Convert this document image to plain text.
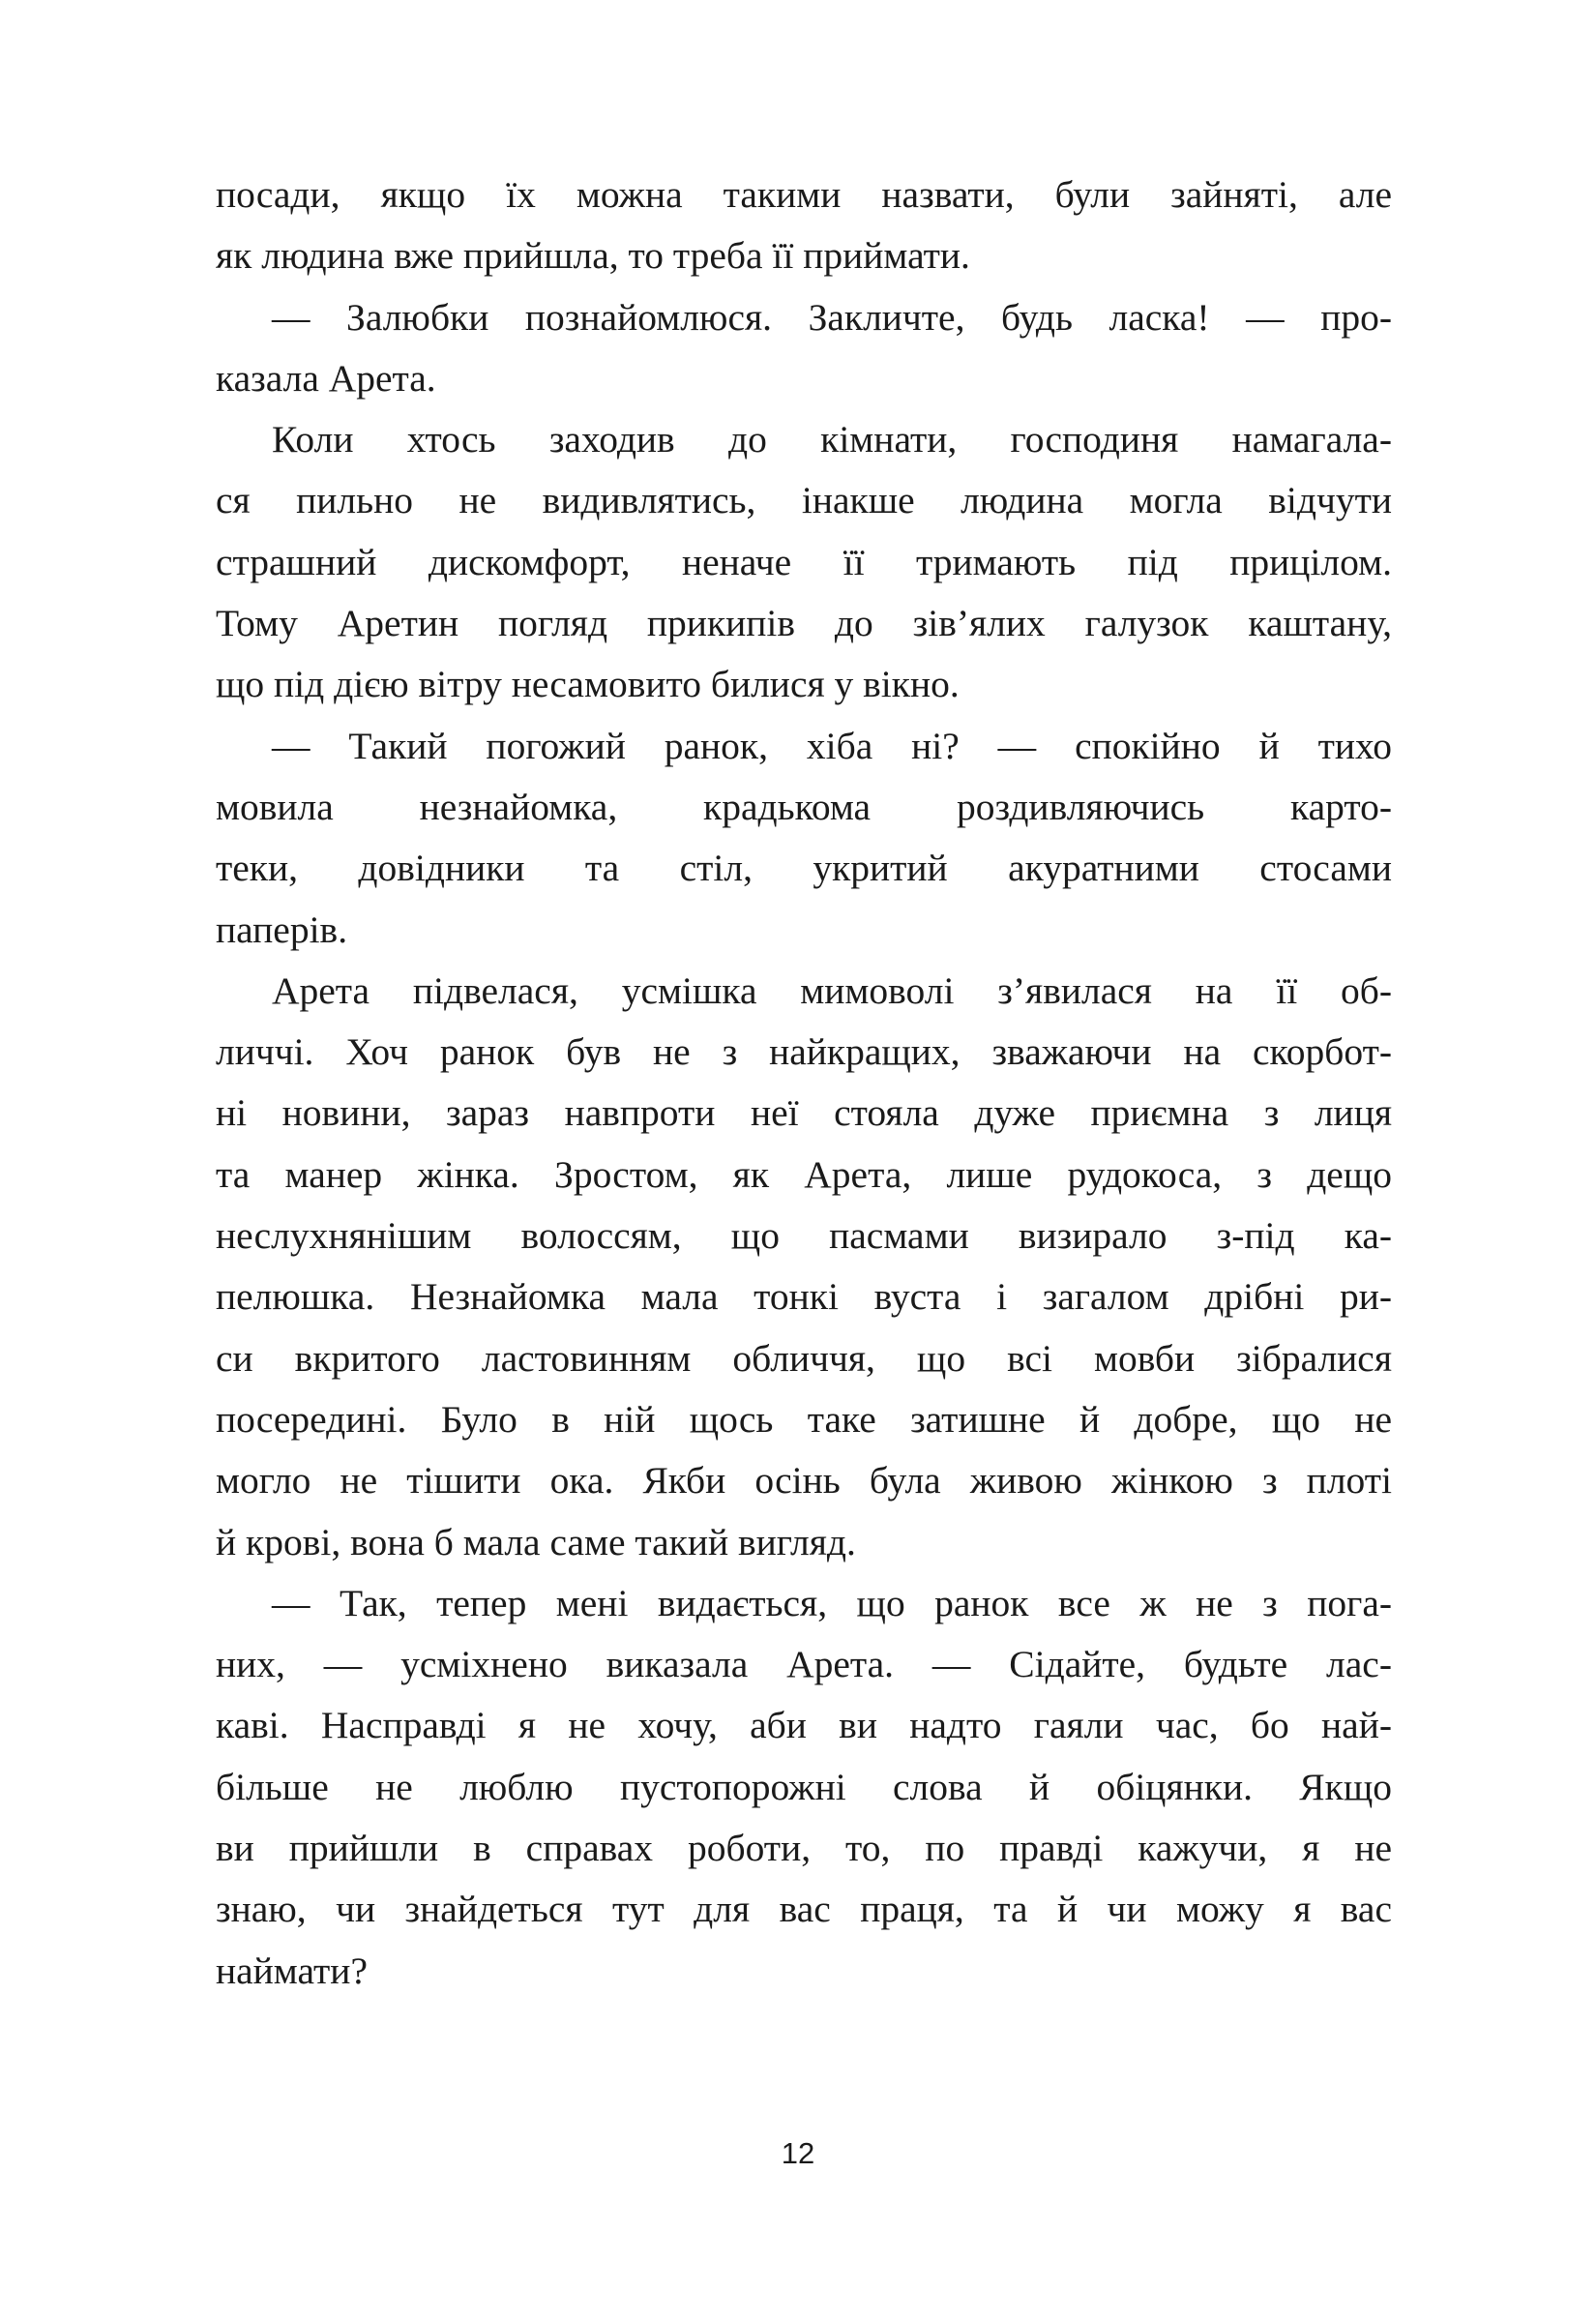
посади, якщо їх можна такими назвати, були зайняті, але
як людина вже прийшла, то треба її приймати.
— Залюбки познайомлюся. Закличте, будь ласка! — про-
казала Арета.
Коли хтось заходив до кімнати, господиня намагала-
ся пильно не видивлятись, інакше людина могла відчути
страшний дискомфорт, неначе її тримають під прицілом.
Тому Аретин погляд прикипів до зів’ялих галузок каштану,
що під дією вітру несамовито билися у вікно.
— Такий погожий ранок, хіба ні? — спокійно й тихо
мовила незнайомка, крадькома роздивляючись карто-
теки, довідники та стіл, укритий акуратними стосами
паперів.
Арета підвелася, усмішка мимоволі з’явилася на її об-
личчі. Хоч ранок був не з найкращих, зважаючи на скорбот-
ні новини, зараз навпроти неї стояла дуже приємна з лиця
та манер жінка. Зростом, як Арета, лише рудокоса, з дещо
неслухнянішим волоссям, що пасмами визирало з-під ка-
пелюшка. Незнайомка мала тонкі вуста і загалом дрібні ри-
си вкритого ластовинням обличчя, що всі мовби зібралися
посередині. Було в ній щось таке затишне й добре, що не
могло не тішити ока. Якби осінь була живою жінкою з плоті
й крові, вона б мала саме такий вигляд.
— Так, тепер мені видається, що ранок все ж не з пога-
них, — усміхнено виказала Арета. — Сідайте, будьте лас-
каві. Насправді я не хочу, аби ви надто гаяли час, бо най-
більше не люблю пустопорожні слова й обіцянки. Якщо
ви прийшли в справах роботи, то, по правді кажучи, я не
знаю, чи знайдеться тут для вас праця, та й чи можу я вас
наймати?
12
